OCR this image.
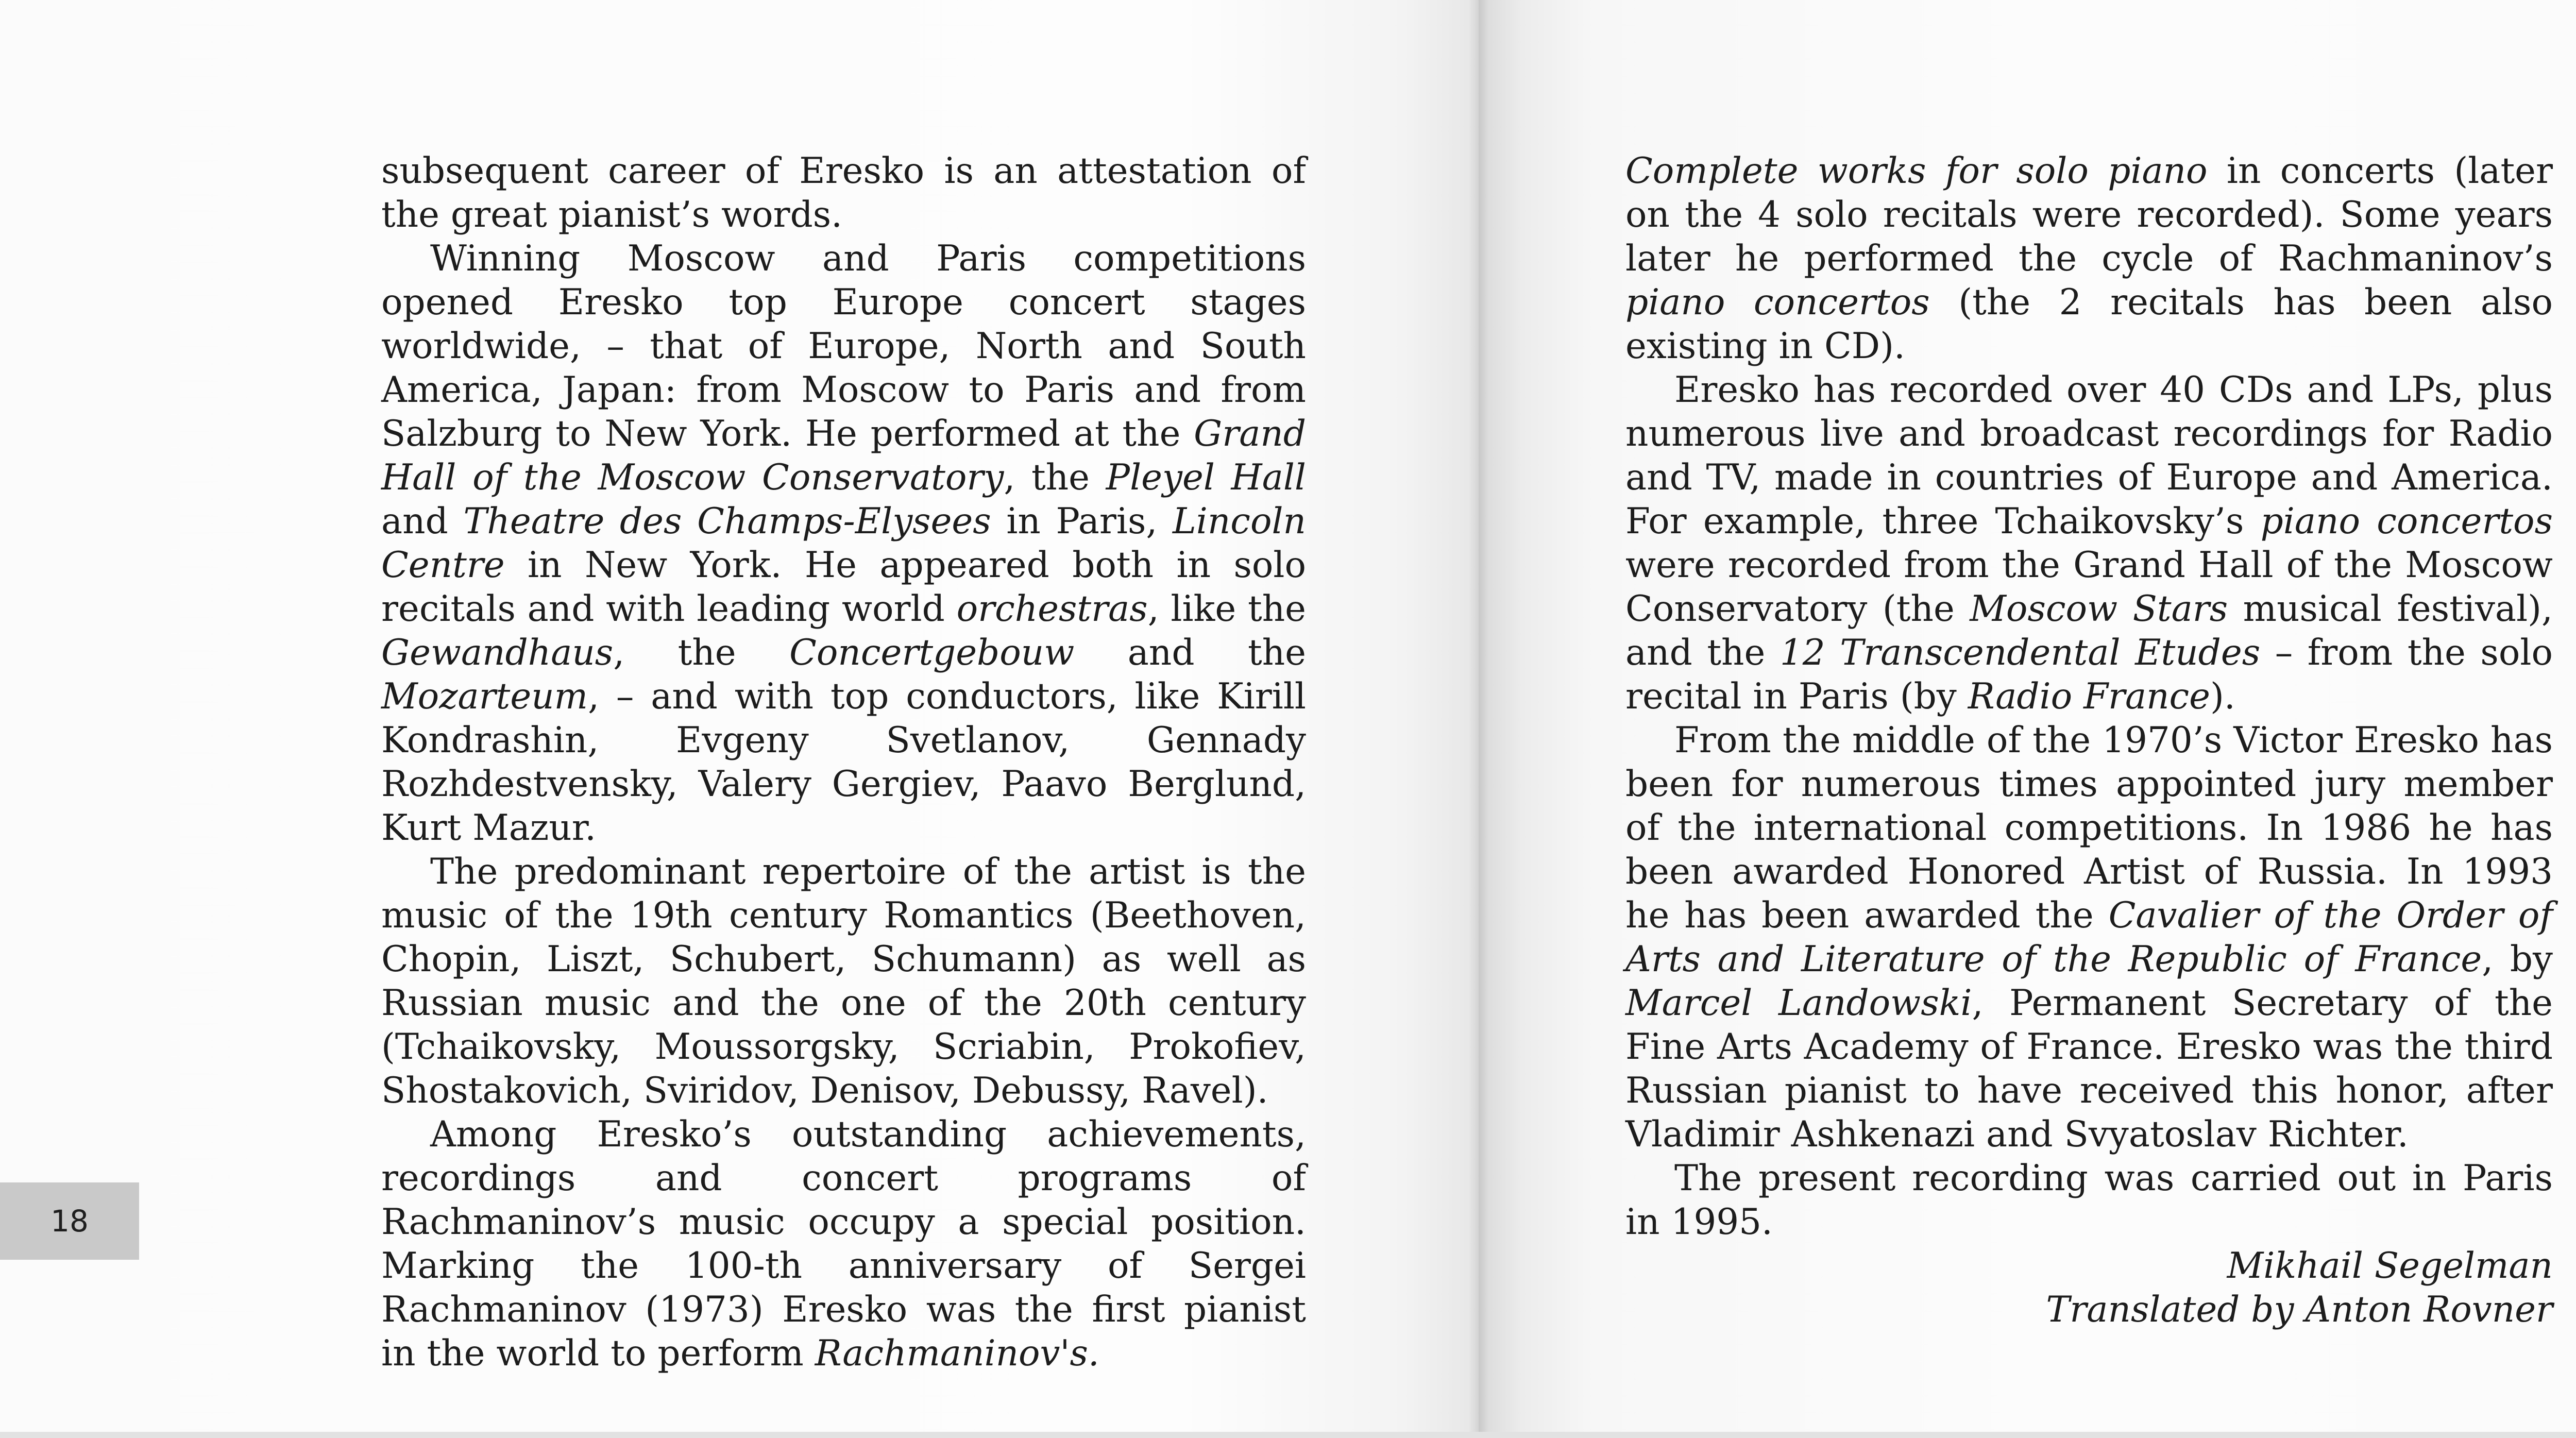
subsequent career of Eresko is an attestation of the great pianist’s words.

Winning Moscow and Paris competitions opened Eresko top Europe concert stages worldwide, – that of Europe, North and South America, Japan: from Moscow to Paris and from Salzburg to New York. He performed at the Grand Hall of the Moscow Conservatory, the Pleyel Hall and Theatre des Champs-Elysees in Paris, Lincoln Centre in New York. He appeared both in solo recitals and with leading world orchestras, like the Gewandhaus, the Concertgebouw and the Mozarteum, – and with top conductors, like Kirill Kondrashin, Evgeny Svetlanov, Gennady Rozhdestvensky, Valery Gergiev, Paavo Berglund, Kurt Mazur.

The predominant repertoire of the artist is the music of the 19th century Romantics (Beethoven, Chopin, Liszt, Schubert, Schumann) as well as Russian music and the one of the 20th century (Tchaikovsky, Moussorgsky, Scriabin, Prokofiev, Shostakovich, Sviridov, Denisov, Debussy, Ravel).

Among Eresko’s outstanding achievements, recordings and concert programs of Rachmaninov’s music occupy a special position. Marking the 100-th anniversary of Sergei Rachmaninov (1973) Eresko was the first pianist in the world to perform Rachmaninov's.

18

Complete works for solo piano in concerts (later on the 4 solo recitals were recorded). Some years later he performed the cycle of Rachmaninov’s piano concertos (the 2 recitals has been also existing in CD).

Eresko has recorded over 40 CDs and LPs, plus numerous live and broadcast recordings for Radio and TV, made in countries of Europe and America. For example, three Tchaikovsky’s piano concertos were recorded from the Grand Hall of the Moscow Conservatory (the Moscow Stars musical festival), and the 12 Transcendental Etudes – from the solo recital in Paris (by Radio France).

From the middle of the 1970’s Victor Eresko has been for numerous times appointed jury member of the international competitions. In 1986 he has been awarded Honored Artist of Russia. In 1993 he has been awarded the Cavalier of the Order of Arts and Literature of the Republic of France, by Marcel Landowski, Permanent Secretary of the Fine Arts Academy of France. Eresko was the third Russian pianist to have received this honor, after Vladimir Ashkenazi and Svyatoslav Richter.

The present recording was carried out in Paris in 1995.

Mikhail Segelman

Translated by Anton Rovner
